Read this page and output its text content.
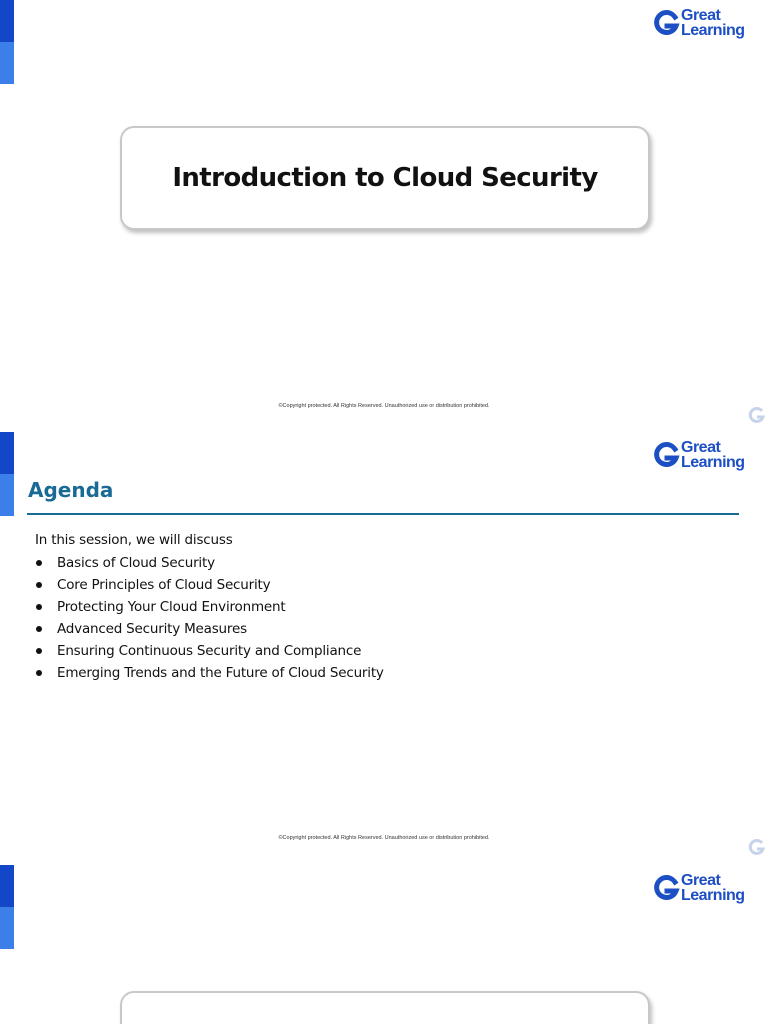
Great
Learning
Introduction to Cloud Security
©Copyright protected. All Rights Reserved. Unauthorized use or distribution prohibited.
Great
Learning
Agenda
In this session, we will discuss
Basics of Cloud Security
Core Principles of Cloud Security
Protecting Your Cloud Environment
Advanced Security Measures
Ensuring Continuous Security and Compliance
Emerging Trends and the Future of Cloud Security
©Copyright protected. All Rights Reserved. Unauthorized use or distribution prohibited.
Great
Learning
